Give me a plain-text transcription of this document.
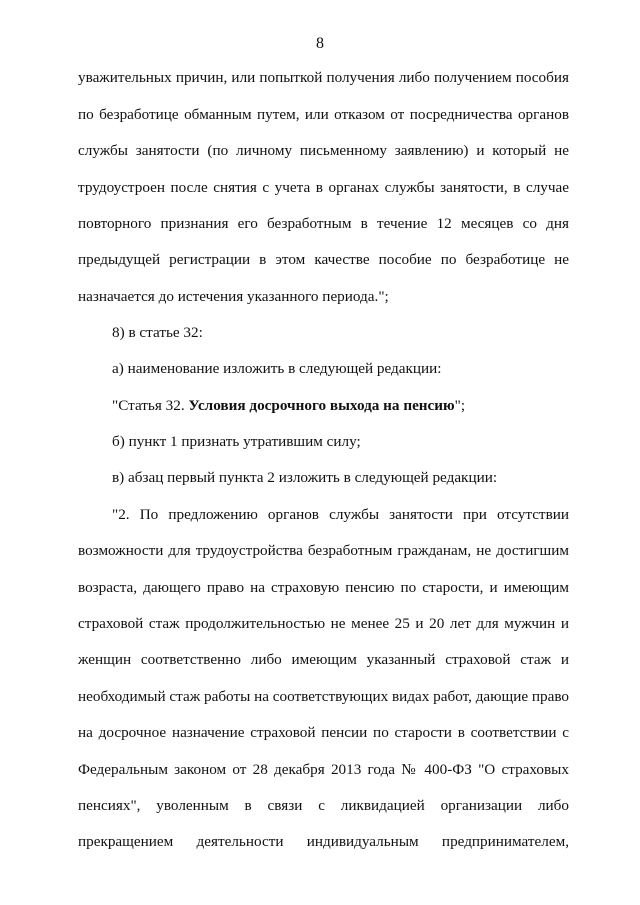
8
уважительных причин, или попыткой получения либо получением пособия
по безработице обманным путем, или отказом от посредничества органов
службы занятости (по личному письменному заявлению) и который не
трудоустроен после снятия с учета в органах службы занятости, в случае
повторного признания его безработным в течение 12 месяцев со дня
предыдущей регистрации в этом качестве пособие по безработице не
назначается до истечения указанного периода.";
8) в статье 32:
а) наименование изложить в следующей редакции:
"Статья 32. Условия досрочного выхода на пенсию";
б) пункт 1 признать утратившим силу;
в) абзац первый пункта 2 изложить в следующей редакции:
"2. По предложению органов службы занятости при отсутствии
возможности для трудоустройства безработным гражданам, не достигшим
возраста, дающего право на страховую пенсию по старости, и имеющим
страховой стаж продолжительностью не менее 25 и 20 лет для мужчин и
женщин соответственно либо имеющим указанный страховой стаж и
необходимый стаж работы на соответствующих видах работ, дающие право
на досрочное назначение страховой пенсии по старости в соответствии с
Федеральным законом от 28 декабря 2013 года № 400-ФЗ "О страховых
пенсиях", уволенным в связи с ликвидацией организации либо
прекращением деятельности индивидуальным предпринимателем,
